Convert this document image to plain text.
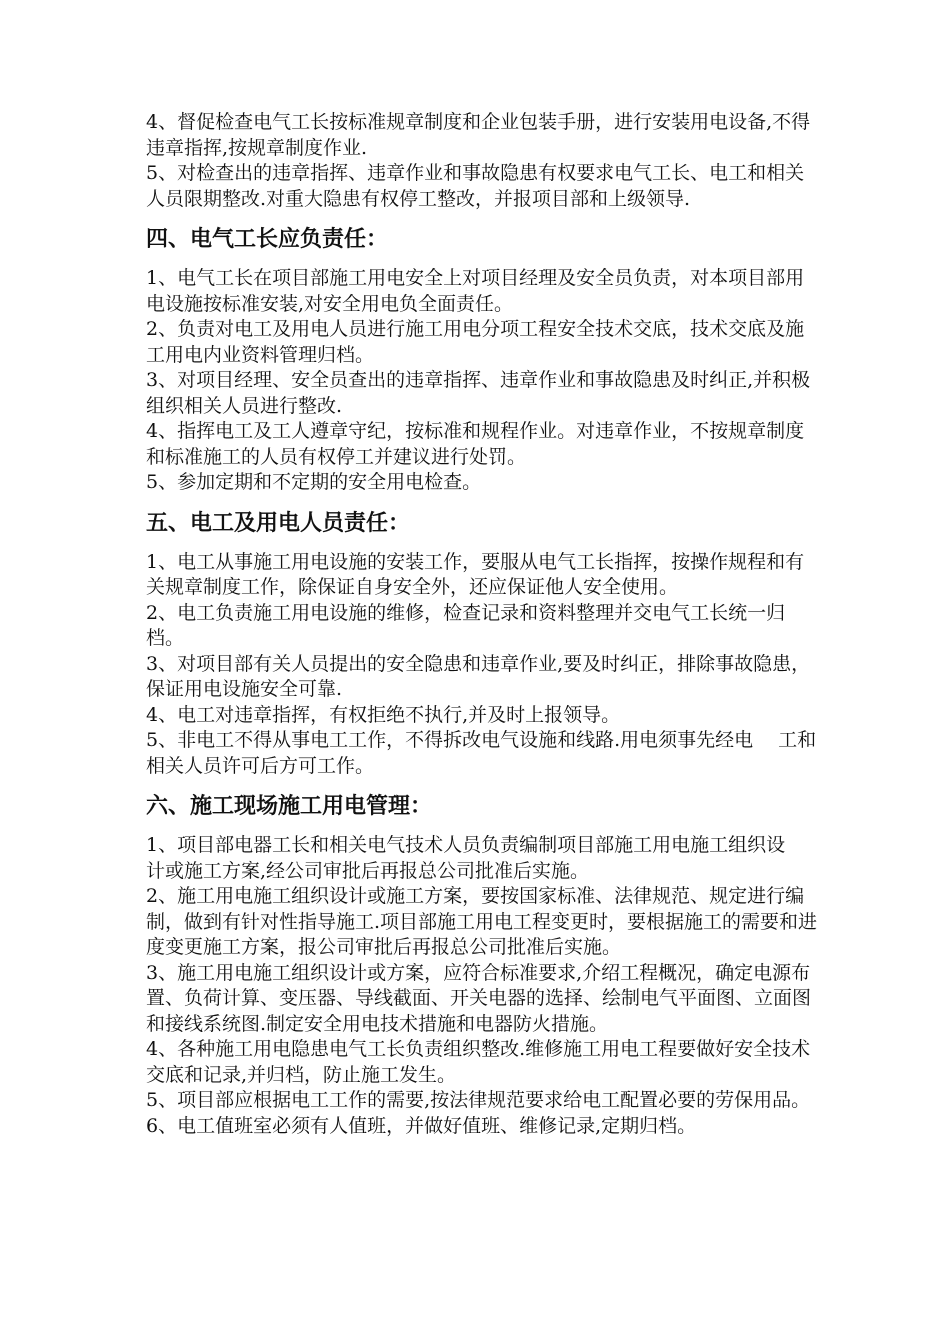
4、督促检查电气工长按标准规章制度和企业包装手册，进行安装用电设备,不得违章指挥,按规章制度作业.

5、对检查出的违章指挥、违章作业和事故隐患有权要求电气工长、电工和相关人员限期整改.对重大隐患有权停工整改，并报项目部和上级领导.

四、电气工长应负责任：

1、电气工长在项目部施工用电安全上对项目经理及安全员负责，对本项目部用电设施按标准安装,对安全用电负全面责任。

2、负责对电工及用电人员进行施工用电分项工程安全技术交底，技术交底及施工用电内业资料管理归档。

3、对项目经理、安全员查出的违章指挥、违章作业和事故隐患及时纠正,并积极组织相关人员进行整改.

4、指挥电工及工人遵章守纪，按标准和规程作业。对违章作业，不按规章制度和标准施工的人员有权停工并建议进行处罚。

5、参加定期和不定期的安全用电检查。

五、电工及用电人员责任：

1、电工从事施工用电设施的安装工作，要服从电气工长指挥，按操作规程和有关规章制度工作，除保证自身安全外，还应保证他人安全使用。

2、电工负责施工用电设施的维修，检查记录和资料整理并交电气工长统一归档。

3、对项目部有关人员提出的安全隐患和违章作业,要及时纠正，排除事故隐患，　 保证用电设施安全可靠.

4、电工对违章指挥，有权拒绝不执行,并及时上报领导。

5、非电工不得从事电工工作，不得拆改电气设施和线路.用电须事先经电　 工和相关人员许可后方可工作。

六、施工现场施工用电管理：

1、项目部电器工长和相关电气技术人员负责编制项目部施工用电施工组织设　计或施工方案,经公司审批后再报总公司批准后实施。

2、施工用电施工组织设计或施工方案，要按国家标准、法律规范、规定进行编制，做到有针对性指导施工.项目部施工用电工程变更时，要根据施工的需要和进度变更施工方案，报公司审批后再报总公司批准后实施。

3、施工用电施工组织设计或方案，应符合标准要求,介绍工程概况，确定电源布置、负荷计算、变压器、导线截面、开关电器的选择、绘制电气平面图、立面图和接线系统图.制定安全用电技术措施和电器防火措施。

4、各种施工用电隐患电气工长负责组织整改.维修施工用电工程要做好安全技术交底和记录,并归档，防止施工发生。

5、项目部应根据电工工作的需要,按法律规范要求给电工配置必要的劳保用品。　 6、电工值班室必须有人值班，并做好值班、维修记录,定期归档。
